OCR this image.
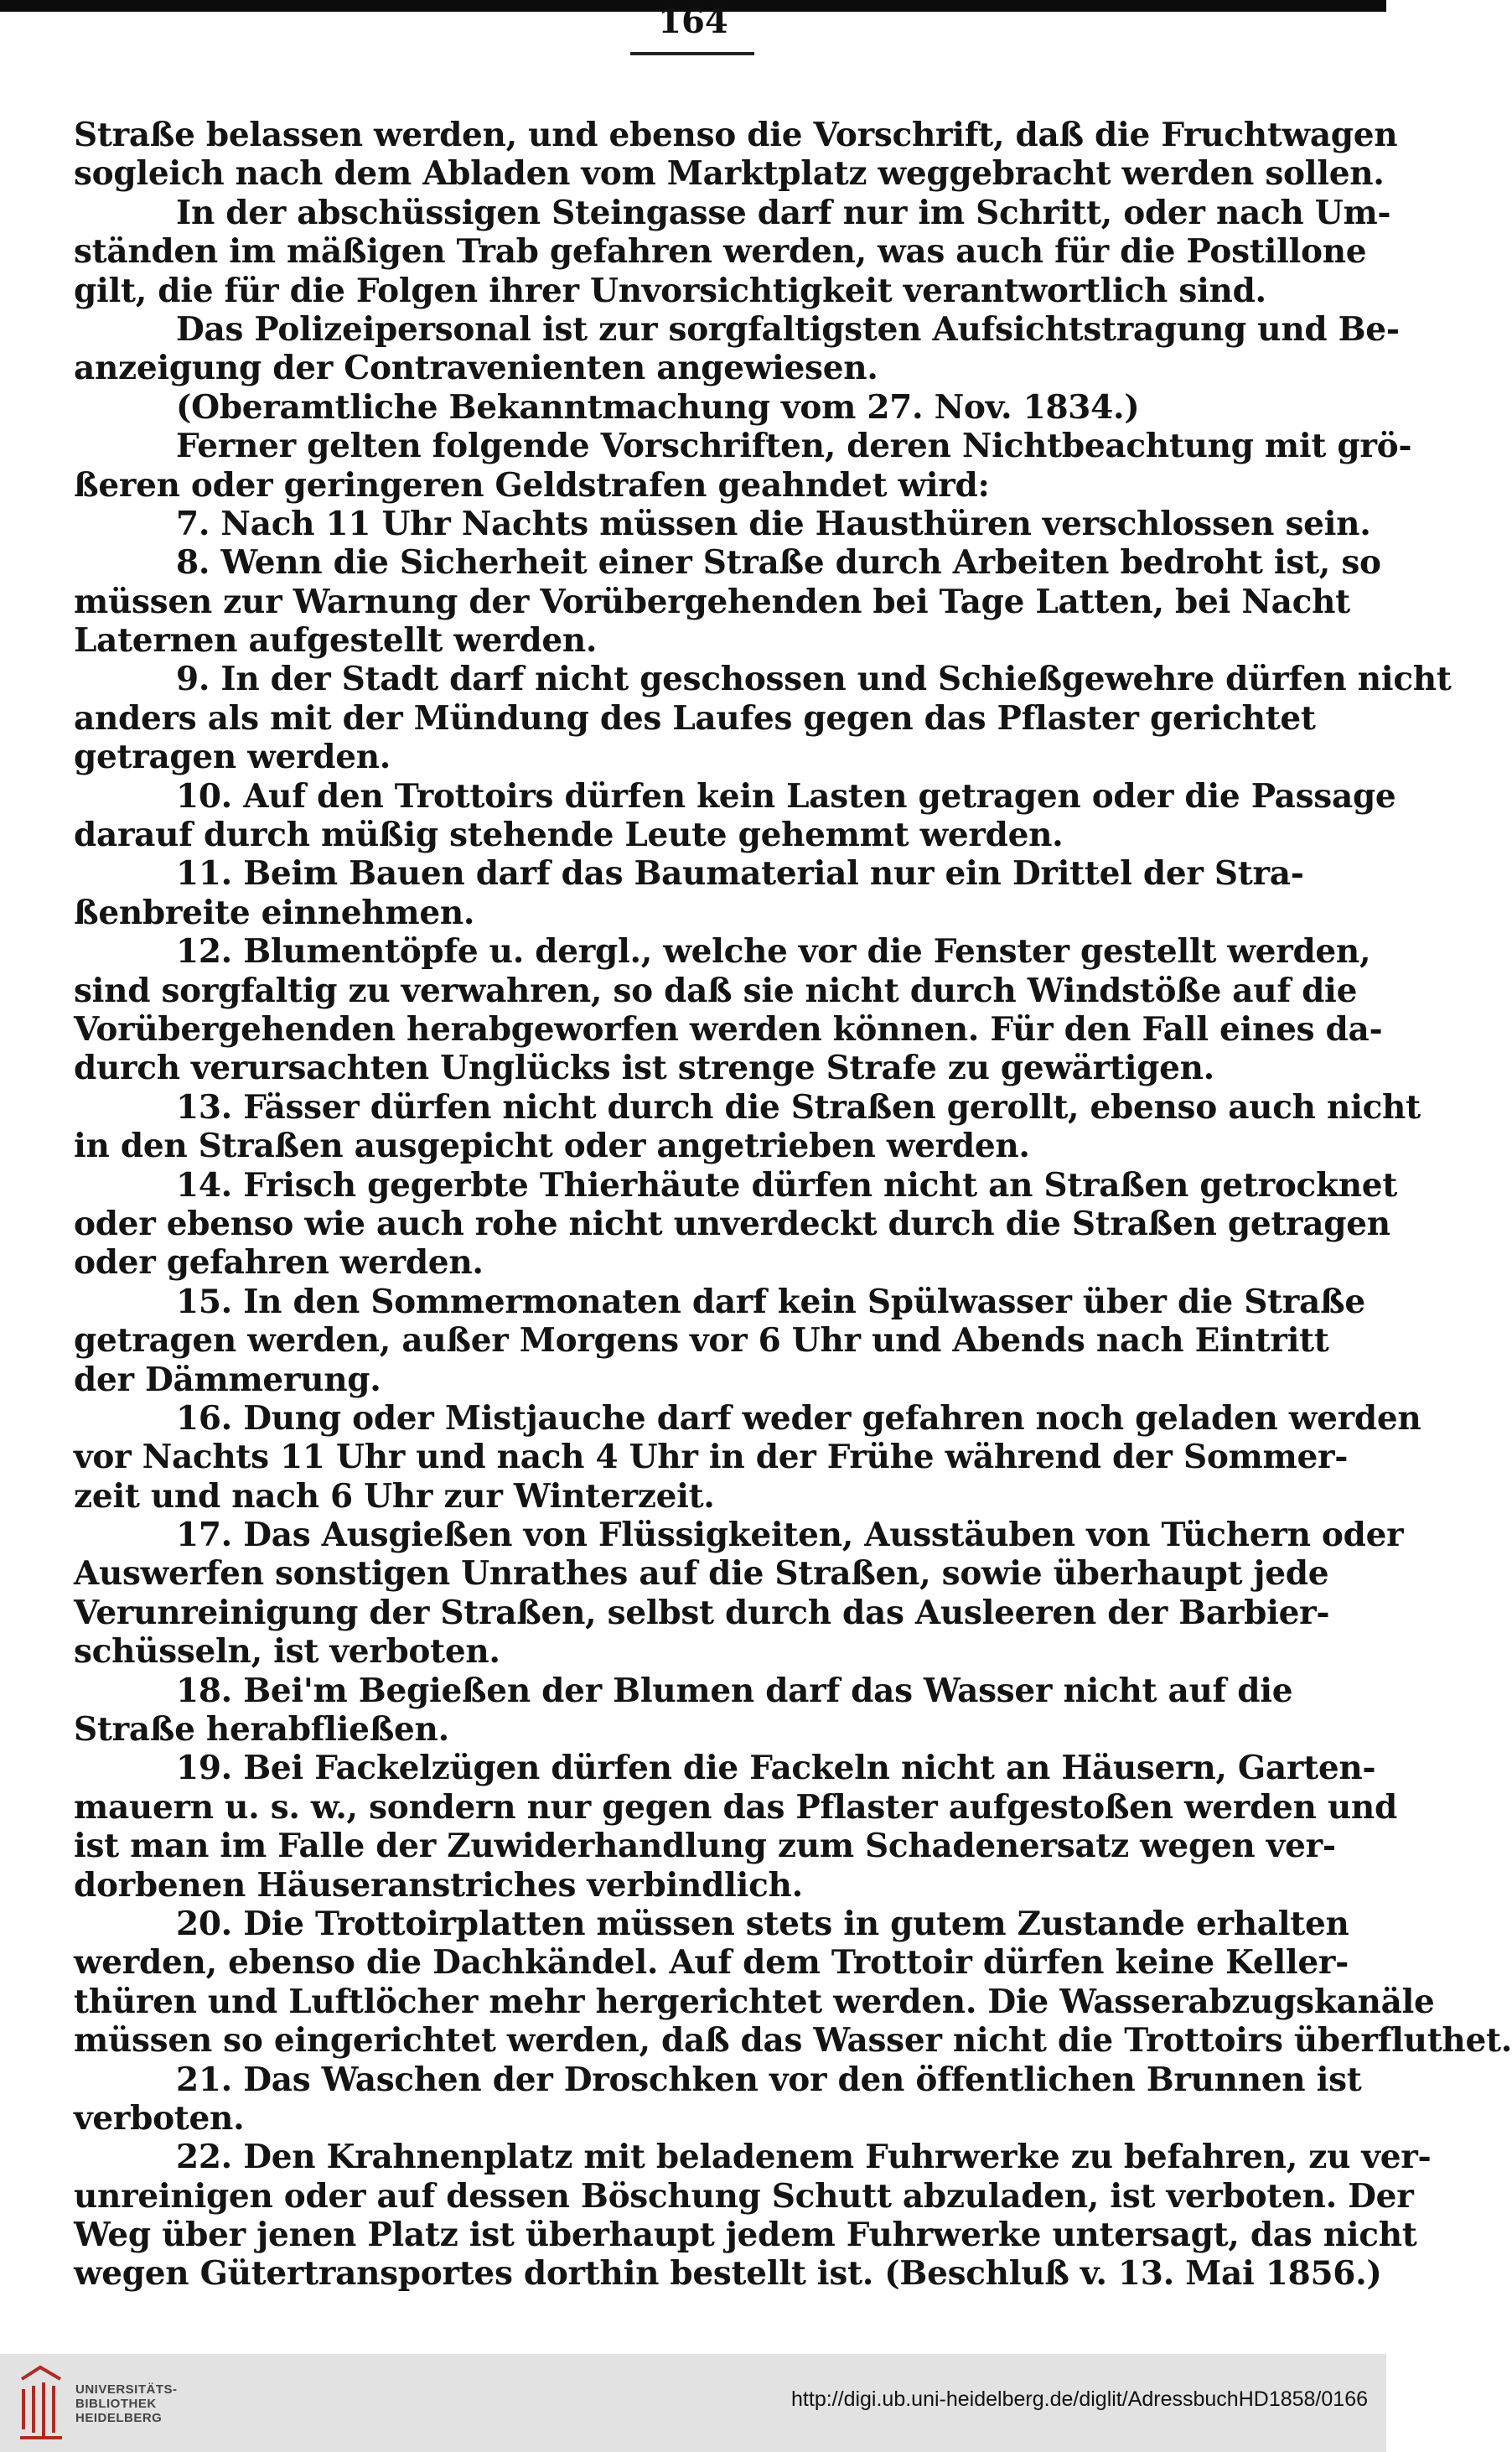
164
Straße belassen werden, und ebenso die Vorschrift, daß die Fruchtwagen
sogleich nach dem Abladen vom Marktplatz weggebracht werden sollen.
In der abschüssigen Steingasse darf nur im Schritt, oder nach Um-
ständen im mäßigen Trab gefahren werden, was auch für die Postillone
gilt, die für die Folgen ihrer Unvorsichtigkeit verantwortlich sind.
Das Polizeipersonal ist zur sorgfaltigsten Aufsichtstragung und Be-
anzeigung der Contravenienten angewiesen.
(Oberamtliche Bekanntmachung vom 27. Nov. 1834.)
Ferner gelten folgende Vorschriften, deren Nichtbeachtung mit grö-
ßeren oder geringeren Geldstrafen geahndet wird:
7. Nach 11 Uhr Nachts müssen die Hausthüren verschlossen sein.
8. Wenn die Sicherheit einer Straße durch Arbeiten bedroht ist, so
müssen zur Warnung der Vorübergehenden bei Tage Latten, bei Nacht
Laternen aufgestellt werden.
9. In der Stadt darf nicht geschossen und Schießgewehre dürfen nicht
anders als mit der Mündung des Laufes gegen das Pflaster gerichtet
getragen werden.
10. Auf den Trottoirs dürfen kein Lasten getragen oder die Passage
darauf durch müßig stehende Leute gehemmt werden.
11. Beim Bauen darf das Baumaterial nur ein Drittel der Stra-
ßenbreite einnehmen.
12. Blumentöpfe u. dergl., welche vor die Fenster gestellt werden,
sind sorgfaltig zu verwahren, so daß sie nicht durch Windstöße auf die
Vorübergehenden herabgeworfen werden können. Für den Fall eines da-
durch verursachten Unglücks ist strenge Strafe zu gewärtigen.
13. Fässer dürfen nicht durch die Straßen gerollt, ebenso auch nicht
in den Straßen ausgepicht oder angetrieben werden.
14. Frisch gegerbte Thierhäute dürfen nicht an Straßen getrocknet
oder ebenso wie auch rohe nicht unverdeckt durch die Straßen getragen
oder gefahren werden.
15. In den Sommermonaten darf kein Spülwasser über die Straße
getragen werden, außer Morgens vor 6 Uhr und Abends nach Eintritt
der Dämmerung.
16. Dung oder Mistjauche darf weder gefahren noch geladen werden
vor Nachts 11 Uhr und nach 4 Uhr in der Frühe während der Sommer-
zeit und nach 6 Uhr zur Winterzeit.
17. Das Ausgießen von Flüssigkeiten, Ausstäuben von Tüchern oder
Auswerfen sonstigen Unrathes auf die Straßen, sowie überhaupt jede
Verunreinigung der Straßen, selbst durch das Ausleeren der Barbier-
schüsseln, ist verboten.
18. Bei'm Begießen der Blumen darf das Wasser nicht auf die
Straße herabfließen.
19. Bei Fackelzügen dürfen die Fackeln nicht an Häusern, Garten-
mauern u. s. w., sondern nur gegen das Pflaster aufgestoßen werden und
ist man im Falle der Zuwiderhandlung zum Schadenersatz wegen ver-
dorbenen Häuseranstriches verbindlich.
20. Die Trottoirplatten müssen stets in gutem Zustande erhalten
werden, ebenso die Dachkändel. Auf dem Trottoir dürfen keine Keller-
thüren und Luftlöcher mehr hergerichtet werden. Die Wasserabzugskanäle
müssen so eingerichtet werden, daß das Wasser nicht die Trottoirs überfluthet.
21. Das Waschen der Droschken vor den öffentlichen Brunnen ist
verboten.
22. Den Krahnenplatz mit beladenem Fuhrwerke zu befahren, zu ver-
unreinigen oder auf dessen Böschung Schutt abzuladen, ist verboten. Der
Weg über jenen Platz ist überhaupt jedem Fuhrwerke untersagt, das nicht
wegen Gütertransportes dorthin bestellt ist. (Beschluß v. 13. Mai 1856.)
UNIVERSITÄTS-
BIBLIOTHEK
HEIDELBERG
http://digi.ub.uni-heidelberg.de/diglit/AdressbuchHD1858/0166
